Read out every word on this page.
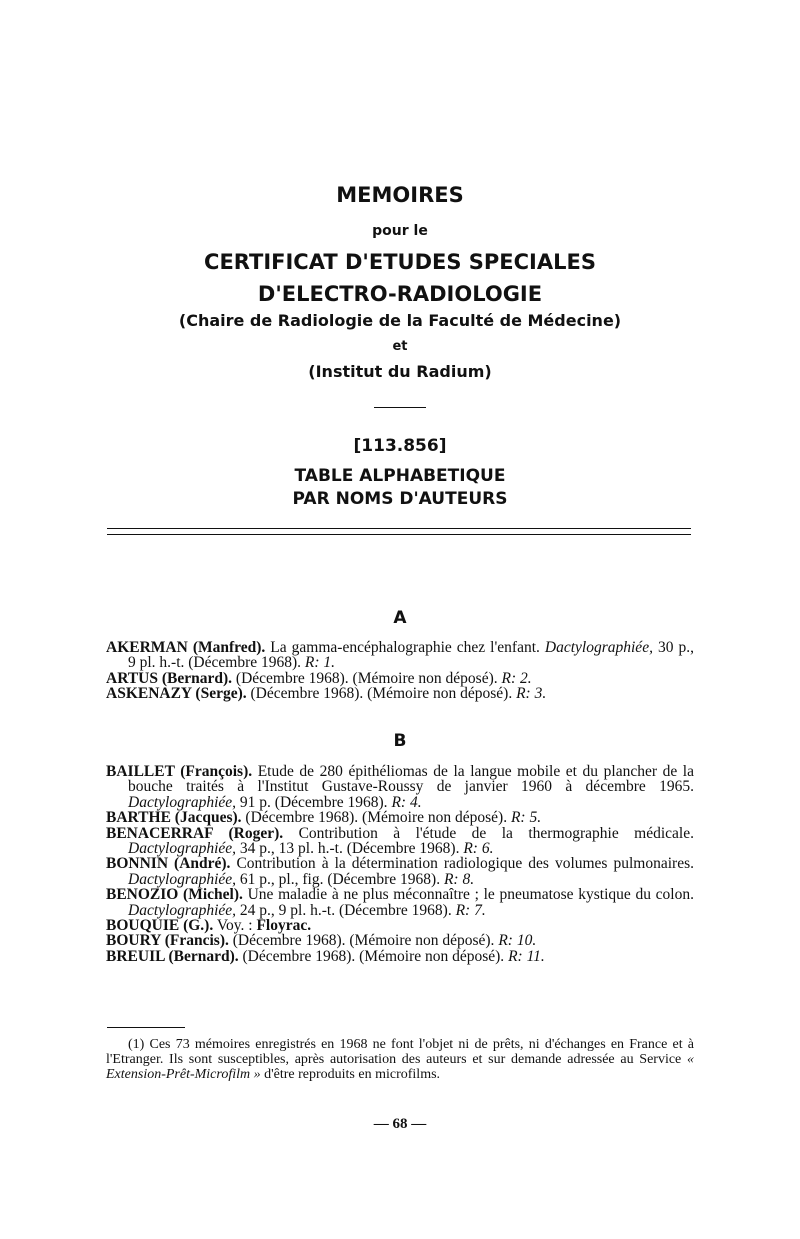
MEMOIRES
pour le
CERTIFICAT D'ETUDES SPECIALES
D'ELECTRO-RADIOLOGIE
(Chaire de Radiologie de la Faculté de Médecine)
et
(Institut du Radium)
[113.856]
TABLE ALPHABETIQUE
PAR NOMS D'AUTEURS
A

AKERMAN (Manfred). La gamma-encéphalographie chez l'enfant. Dactylographiée, 30 p., 9 pl. h.-t. (Décembre 1968). R: 1.

ARTUS (Bernard). (Décembre 1968). (Mémoire non déposé). R: 2.

ASKENAZY (Serge). (Décembre 1968). (Mémoire non déposé). R: 3.

B

BAILLET (François). Etude de 280 épithéliomas de la langue mobile et du plancher de la bouche traités à l'Institut Gustave-Roussy de janvier 1960 à décembre 1965. Dactylographiée, 91 p. (Décembre 1968). R: 4.

BARTHE (Jacques). (Décembre 1968). (Mémoire non déposé). R: 5.

BENACERRAF (Roger). Contribution à l'étude de la thermographie médicale. Dactylographiée, 34 p., 13 pl. h.-t. (Décembre 1968). R: 6.

BONNIN (André). Contribution à la détermination radiologique des volumes pulmonaires. Dactylographiée, 61 p., pl., fig. (Décembre 1968). R: 8.

BENOZIO (Michel). Une maladie à ne plus méconnaître ; le pneumatose kystique du colon. Dactylographiée, 24 p., 9 pl. h.-t. (Décembre 1968). R: 7.

BOUQUIE (G.). Voy. : Floyrac.

BOURY (Francis). (Décembre 1968). (Mémoire non déposé). R: 10.

BREUIL (Bernard). (Décembre 1968). (Mémoire non déposé). R: 11.

(1) Ces 73 mémoires enregistrés en 1968 ne font l'objet ni de prêts, ni d'échanges en France et à l'Etranger. Ils sont susceptibles, après autorisation des auteurs et sur demande adressée au Service « Extension-Prêt-Microfilm » d'être reproduits en microfilms.
— 68 —
